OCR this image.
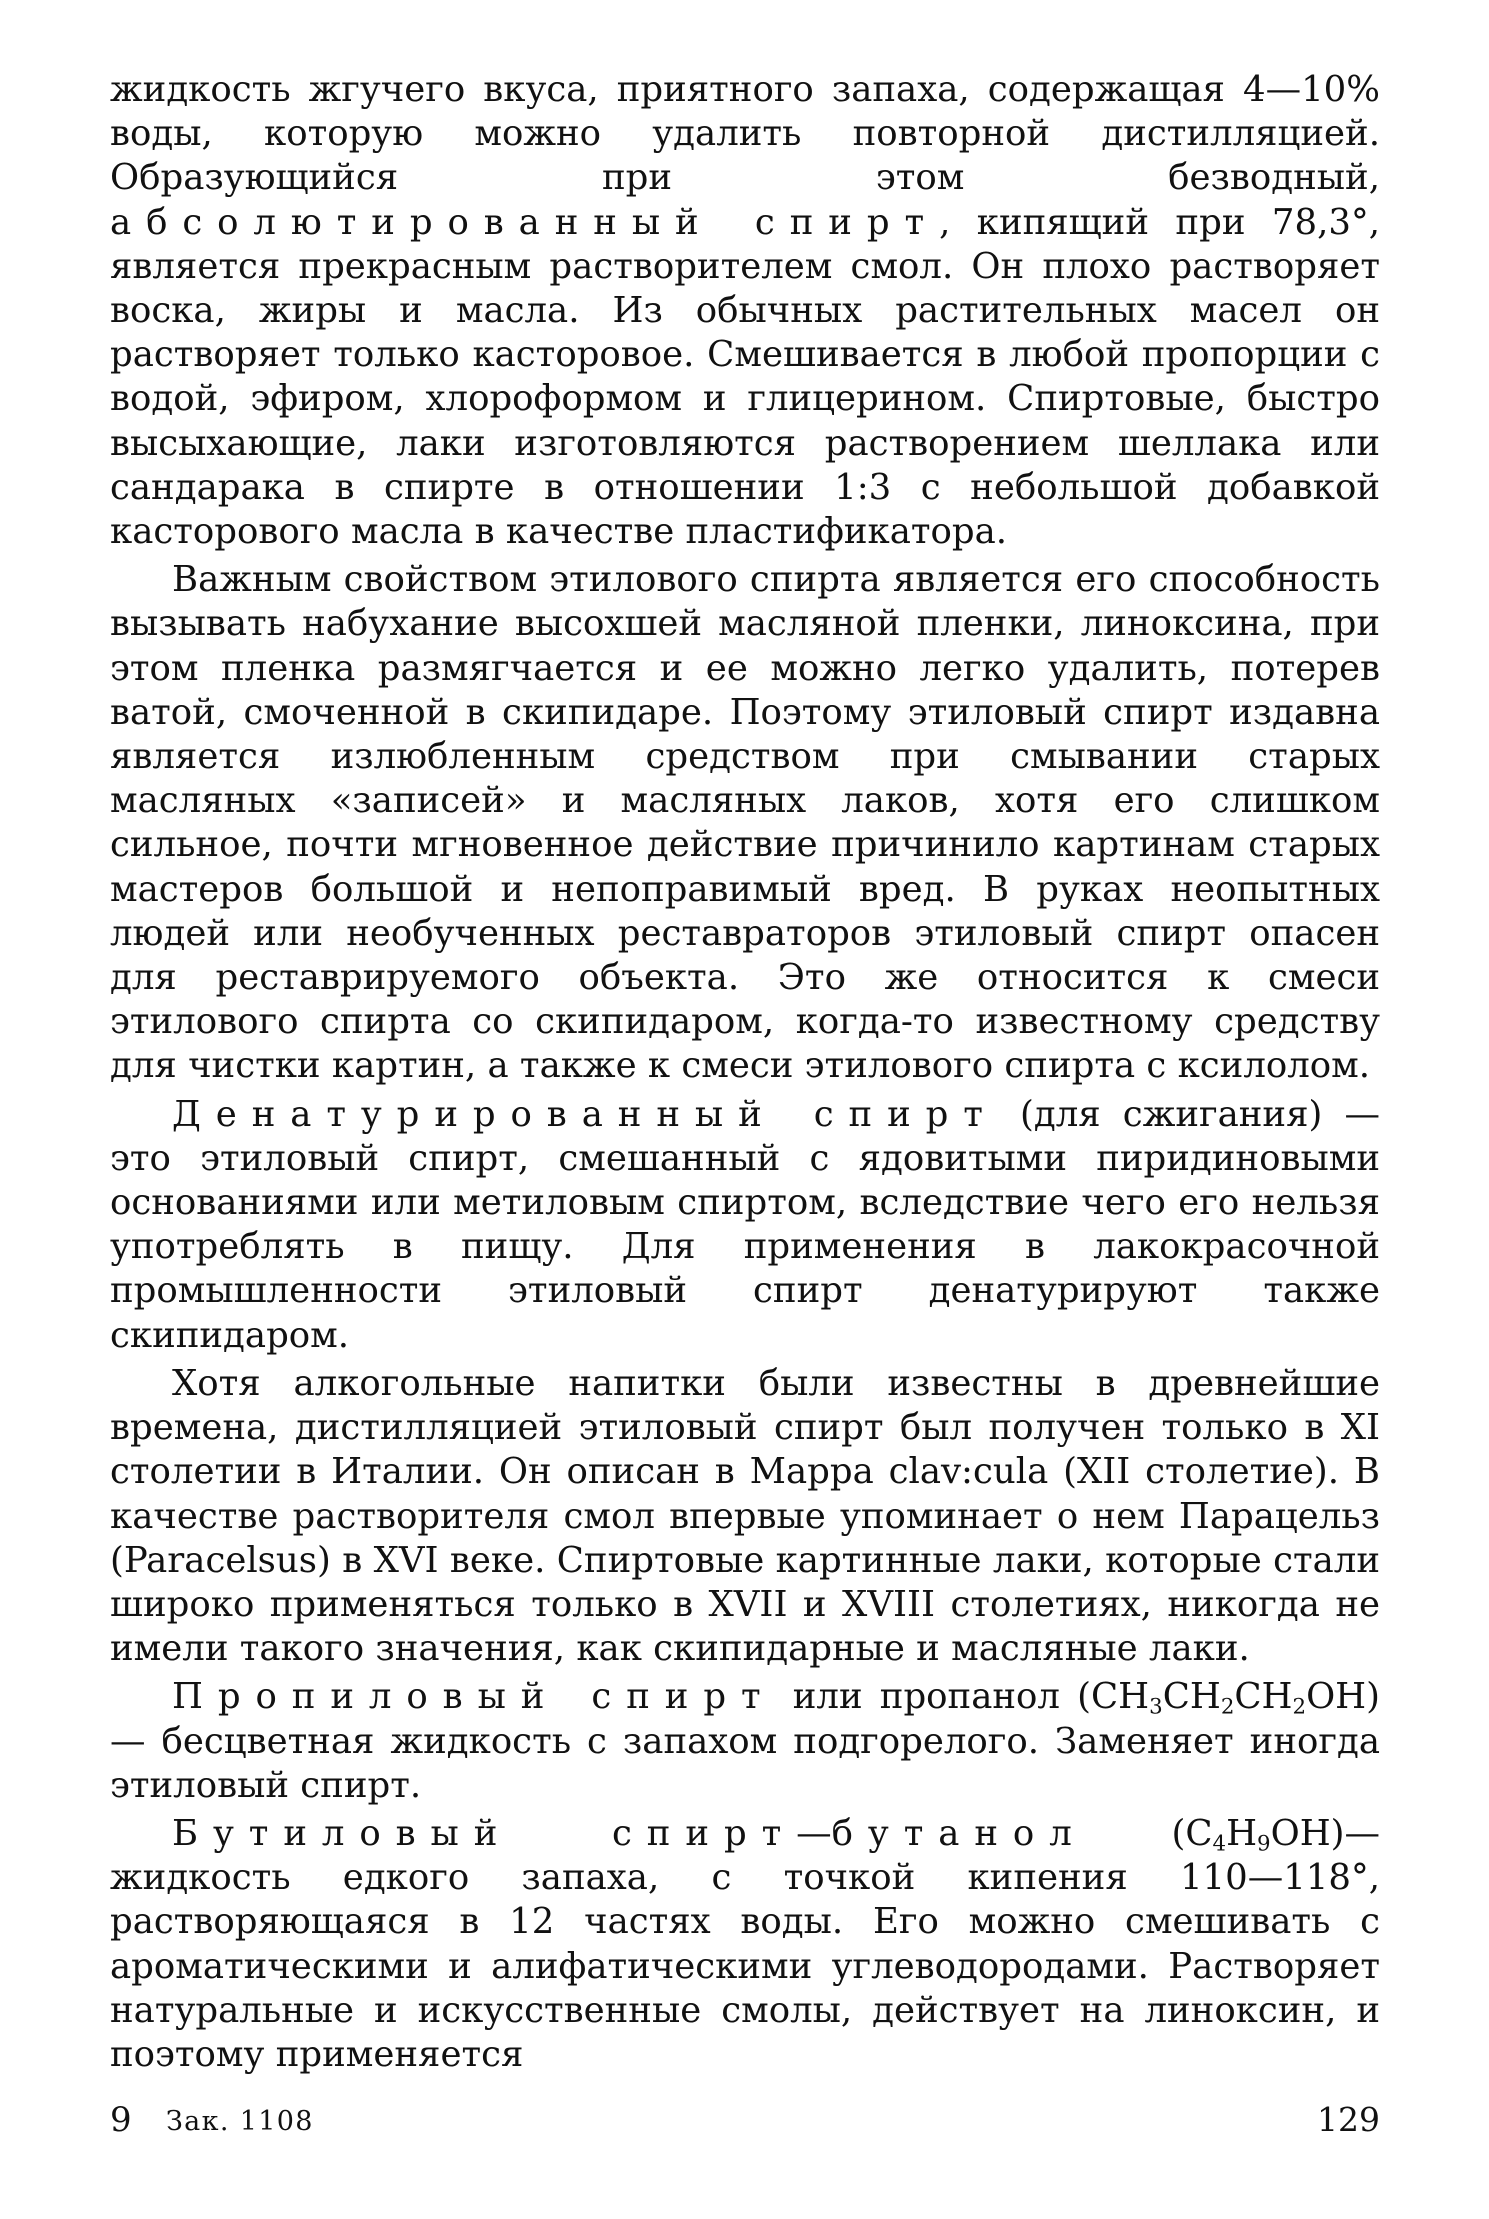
жидкость жгучего вкуса, приятного запаха, содержащая 4—10% воды, которую можно удалить повторной дистилляцией. Образующийся при этом безводный, абсолютированный спирт, кипящий при 78,3°, является прекрасным растворителем смол. Он плохо растворяет воска, жиры и масла. Из обычных растительных масел он растворяет только касторовое. Смешивается в любой пропорции с водой, эфиром, хлороформом и глицерином. Спиртовые, быстро высыхающие, лаки изготовляются растворением шеллака или сандарака в спирте в отношении 1:3 с небольшой добавкой касторового масла в качестве пластификатора.

Важным свойством этилового спирта является его способность вызывать набухание высохшей масляной пленки, линоксина, при этом пленка размягчается и ее можно легко удалить, потерев ватой, смоченной в скипидаре. Поэтому этиловый спирт издавна является излюбленным средством при смывании старых масляных «записей» и масляных лаков, хотя его слишком сильное, почти мгновенное действие причинило картинам старых мастеров большой и непоправимый вред. В руках неопытных людей или необученных реставраторов этиловый спирт опасен для реставрируемого объекта. Это же относится к смеси этилового спирта со скипидаром, когда-то известному средству для чистки картин, а также к смеси этилового спирта с ксилолом.

Денатурированный спирт (для сжигания) — это этиловый спирт, смешанный с ядовитыми пиридиновыми основаниями или метиловым спиртом, вследствие чего его нельзя употреблять в пищу. Для применения в лакокрасочной промышленности этиловый спирт денатурируют также скипидаром.

Хотя алкогольные напитки были известны в древнейшие времена, дистилляцией этиловый спирт был получен только в XI столетии в Италии. Он описан в Mappa clav:cula (XII столетие). В качестве растворителя смол впервые упоминает о нем Парацельз (Paracelsus) в XVI веке. Спиртовые картинные лаки, которые стали широко применяться только в XVII и XVIII столетиях, никогда не имели такого значения, как скипидарные и масляные лаки.

Пропиловый спирт или пропанол $(CH_3CH_2CH_2OH)—$ бесцветная жидкость с запахом подгорелого. Заменяет иногда этиловый спирт.

Бутиловый спирт—бутанол $(C_4H_9OH)—$ жидкость едкого запаха, с точкой кипения 110—118°, растворяющаяся в 12 частях воды. Его можно смешивать с ароматическими и алифатическими углеводородами. Растворяет натуральные и искусственные смолы, действует на линоксин, и поэтому применяется

9 Зак. 1108	129
